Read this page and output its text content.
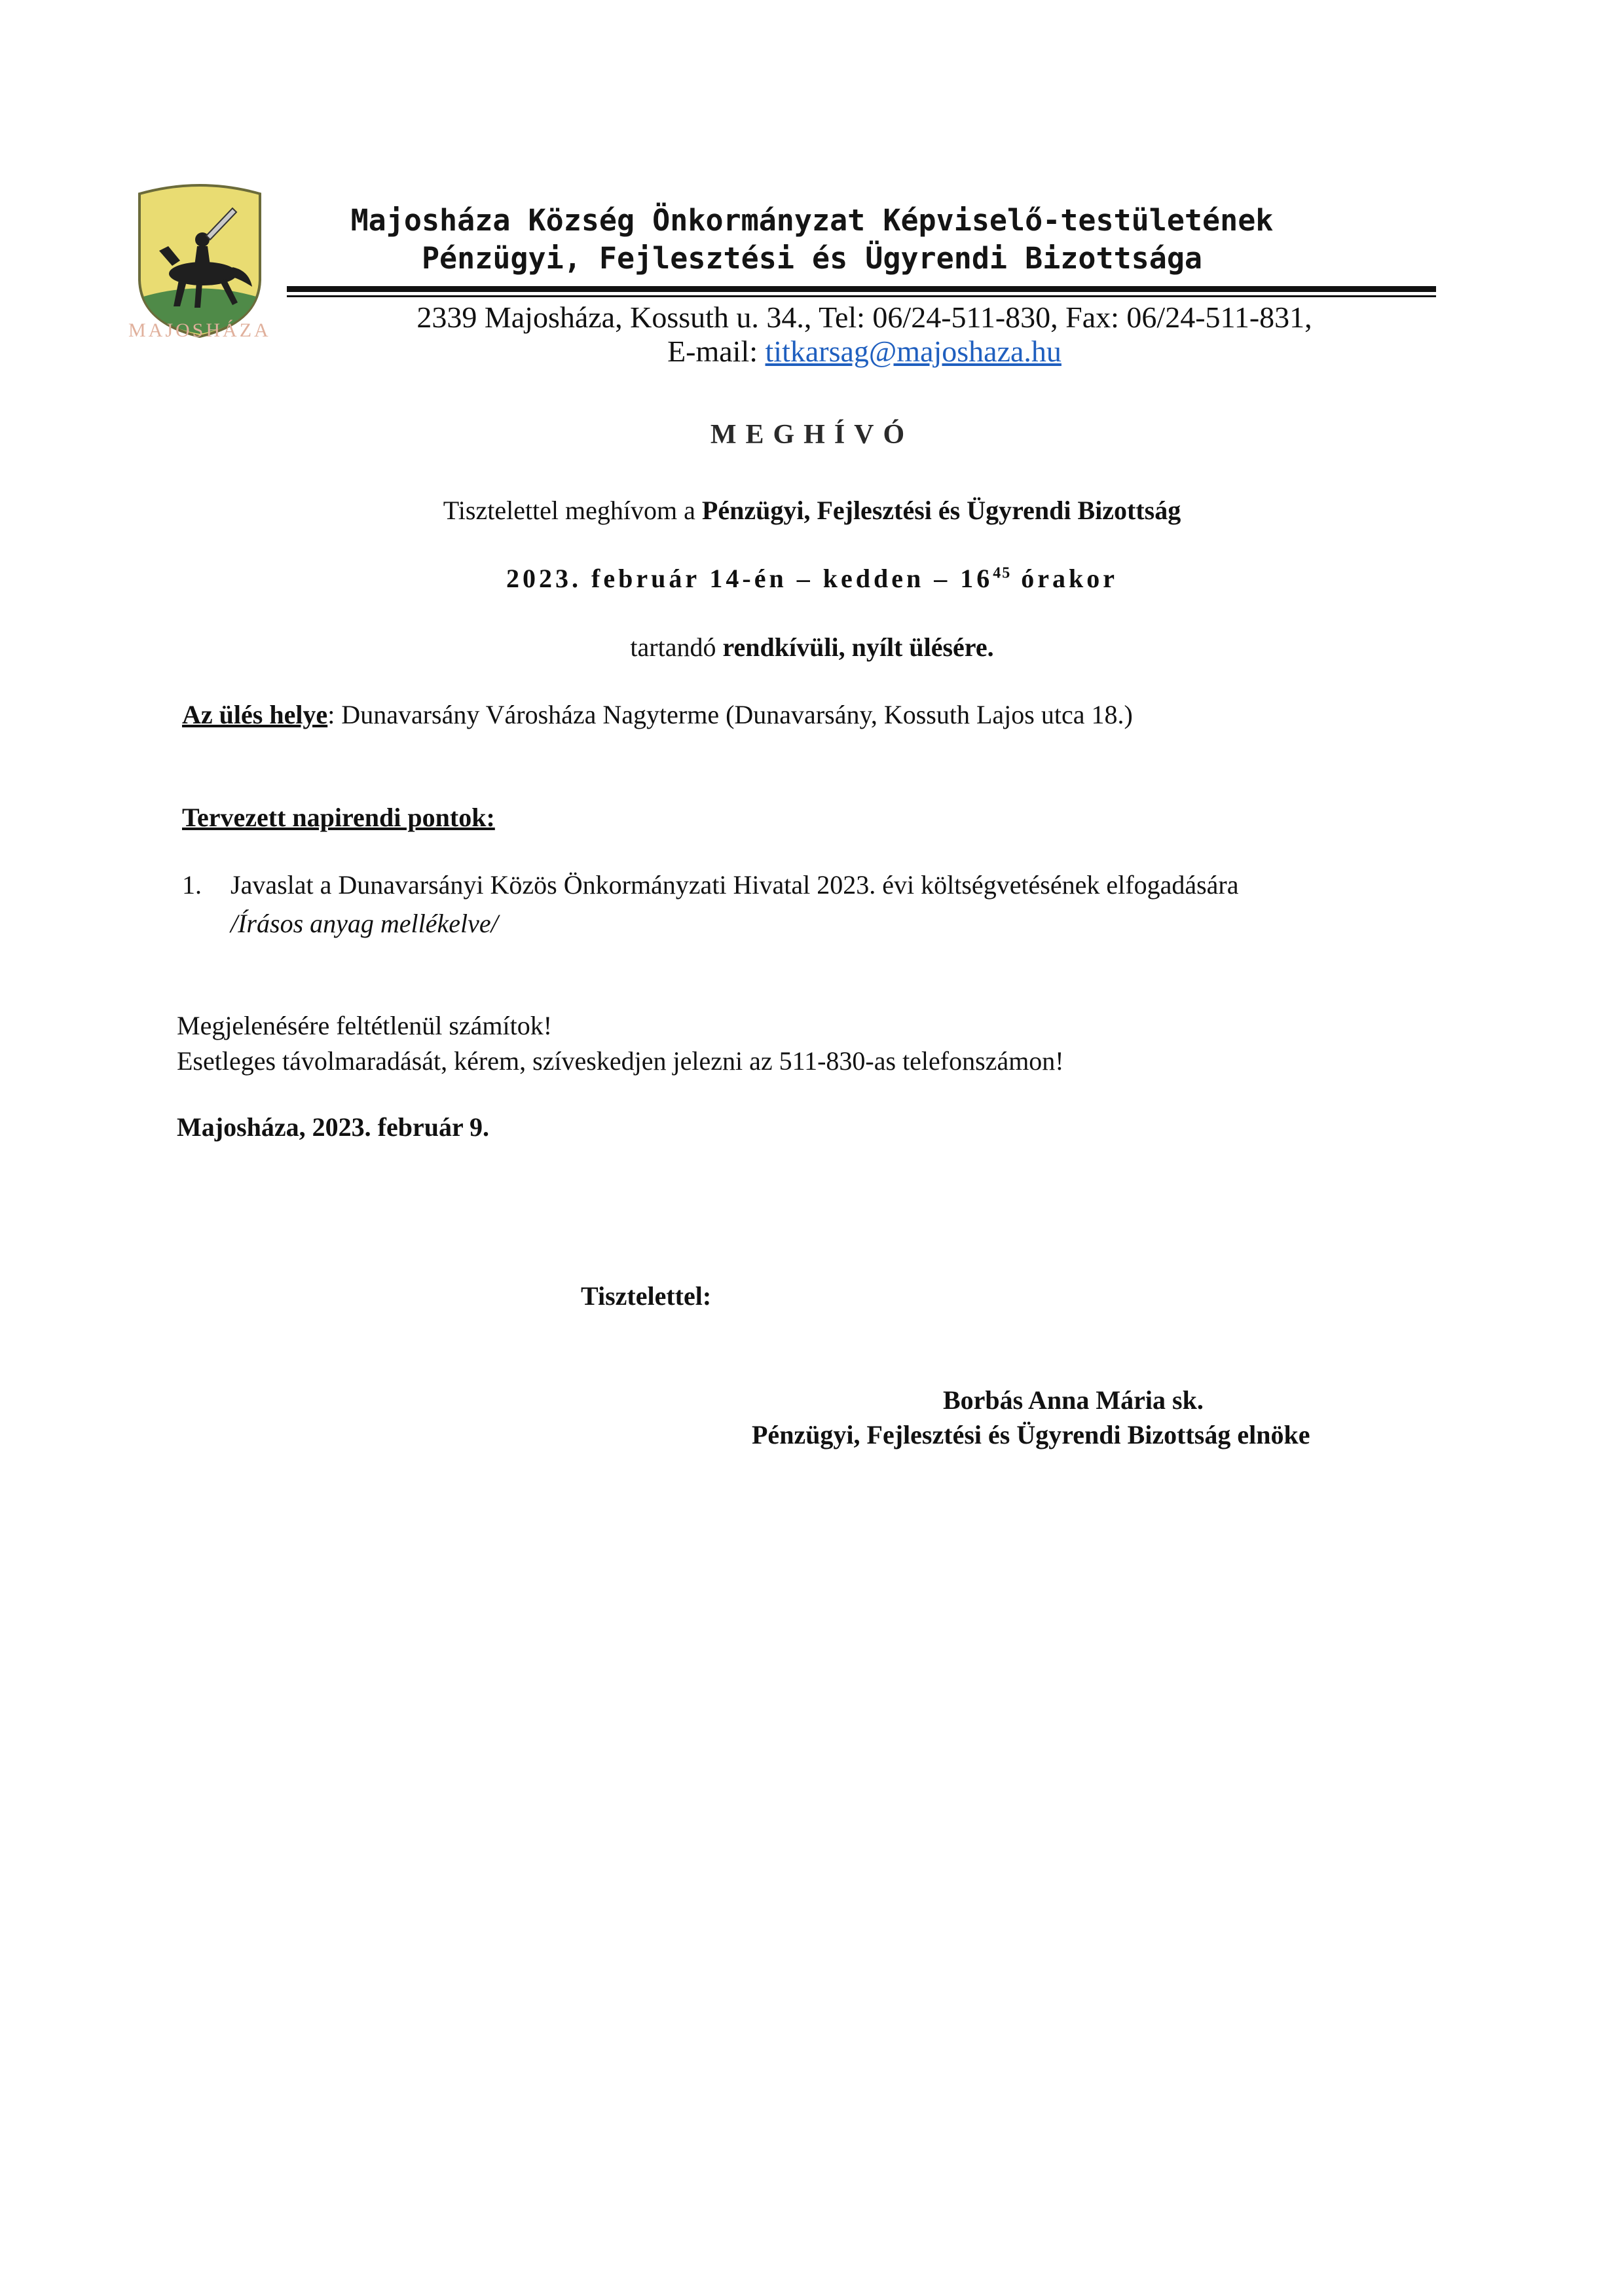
MAJOSHÁZA
Majosháza Község Önkormányzat Képviselő-testületének
Pénzügyi, Fejlesztési és Ügyrendi Bizottsága
2339 Majosháza, Kossuth u. 34., Tel: 06/24-511-830, Fax: 06/24-511-831,
E-mail: titkarsag@majoshaza.hu
MEGHÍVÓ
Tisztelettel meghívom a Pénzügyi, Fejlesztési és Ügyrendi Bizottság
2023. február 14-én – kedden – $16^{45}$ órakor
tartandó rendkívüli, nyílt ülésére.
Az ülés helye: Dunavarsány Városháza Nagyterme (Dunavarsány, Kossuth Lajos utca 18.)
Tervezett napirendi pontok:
1. Javaslat a Dunavarsányi Közös Önkormányzati Hivatal 2023. évi költségvetésének elfogadására
/Írásos anyag mellékelve/
Megjelenésére feltétlenül számítok!
Esetleges távolmaradását, kérem, szíveskedjen jelezni az 511-830-as telefonszámon!
Majosháza, 2023. február 9.
Tisztelettel:
Borbás Anna Mária sk.
Pénzügyi, Fejlesztési és Ügyrendi Bizottság elnöke
